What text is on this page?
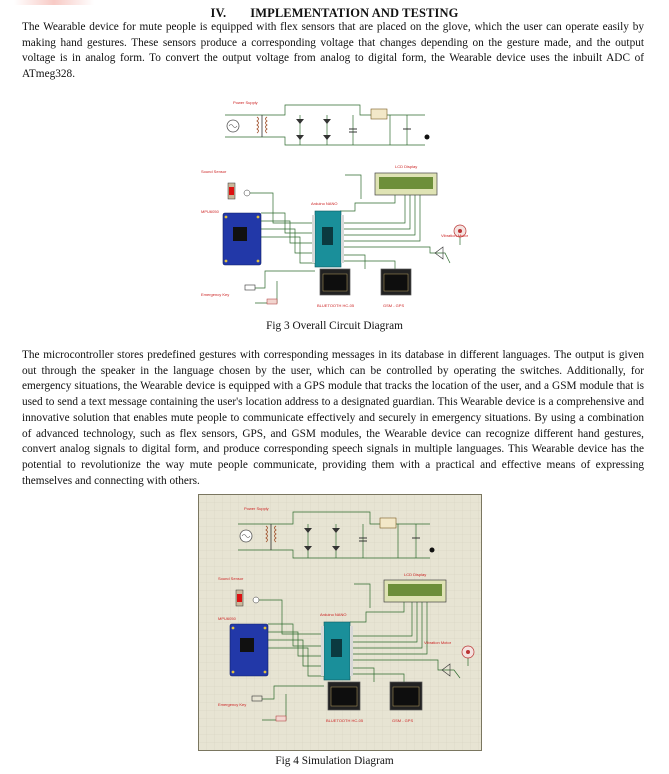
IV. IMPLEMENTATION AND TESTING

The Wearable device for mute people is equipped with flex sensors that are placed on the glove, which the user can operate easily by making hand gestures. These sensors produce a corresponding voltage that changes depending on the gesture made, and the output voltage is in analog form. To convert the output voltage from analog to digital form, the Wearable device uses the inbuilt ADC of ATmeg328.

Power Supply
Sound Sensor
MPU6050
Emergency Key
Arduino NANO
LCD Display
Vibration Motor
BLUETOOTH HC-05	GSM - GPS
Fig 3 Overall Circuit Diagram

The microcontroller stores predefined gestures with corresponding messages in its database in different languages. The output is given out through the speaker in the language chosen by the user, which can be controlled by operating the switches. Additionally, for emergency situations, the Wearable device is equipped with a GPS module that tracks the location of the user, and a GSM module that is used to send a text message containing the user's location address to a designated guardian. This Wearable device is a comprehensive and innovative solution that enables mute people to communicate effectively and securely in emergency situations. By using a combination of advanced technology, such as flex sensors, GPS, and GSM modules, the Wearable device can recognize different hand gestures, convert analog signals to digital form, and produce corresponding speech signals in multiple languages. This Wearable device has the potential to revolutionize the way mute people communicate, providing them with a practical and effective means of expressing themselves and connecting with others.

Power Supply
Sound Sensor
MPU6050
Emergency Key
Arduino NANO
LCD Display
Vibration Motor
BLUETOOTH HC-05	GSM - GPS
Fig 4 Simulation Diagram
